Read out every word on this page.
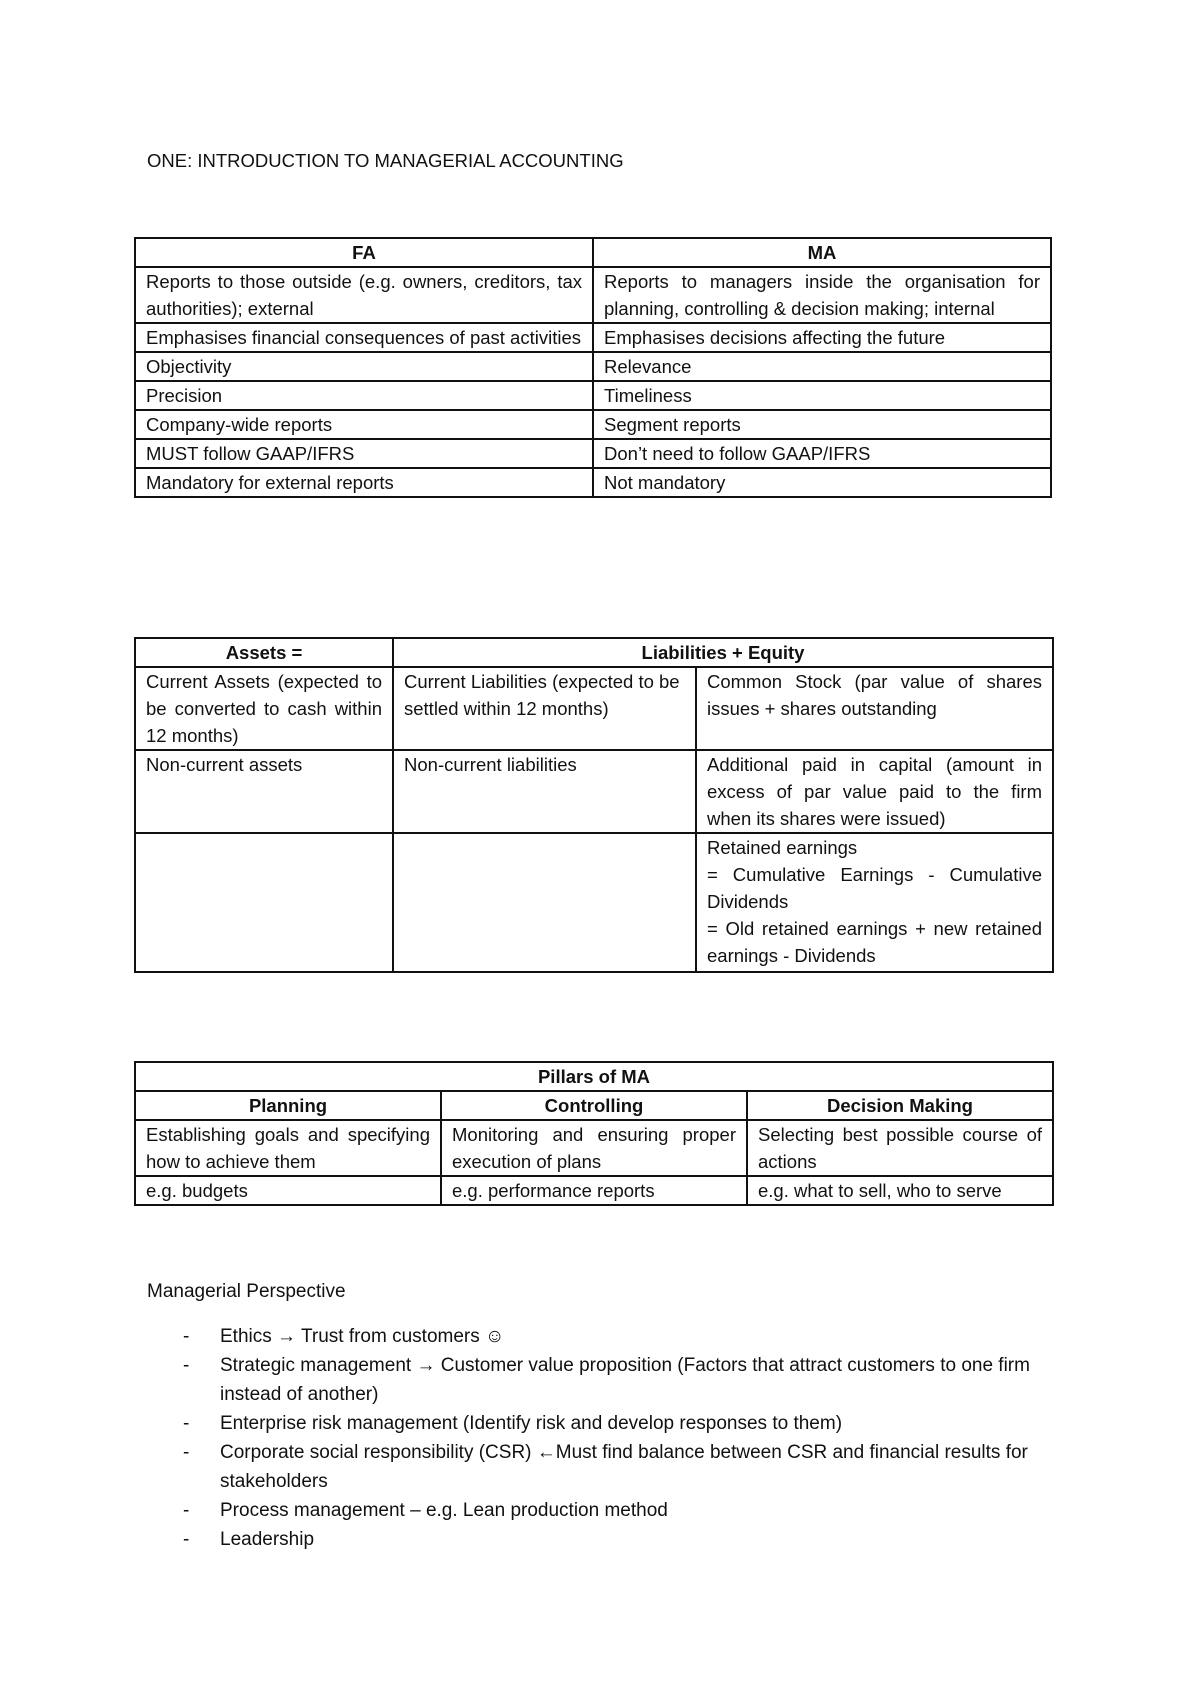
ONE: INTRODUCTION TO MANAGERIAL ACCOUNTING
FA	MA
Reports to those outside (e.g. owners, creditors, tax authorities); external	Reports to managers inside the organisation for planning, controlling & decision making; internal
Emphasises financial consequences of past activities	Emphasises decisions affecting the future
Objectivity	Relevance
Precision	Timeliness
Company-wide reports	Segment reports
MUST follow GAAP/IFRS	Don’t need to follow GAAP/IFRS
Mandatory for external reports	Not mandatory
Assets =	Liabilities + Equity	
Current Assets (expected to be converted to cash within 12 months)	Current Liabilities (expected to be settled within 12 months)	Common Stock (par value of shares issues + shares outstanding
Non-current assets	Non-current liabilities	Additional paid in capital (amount in excess of par value paid to the firm when its shares were issued)

		Retained earnings
= Cumulative Earnings - Cumulative Dividends
= Old retained earnings + new retained earnings - Dividends
Pillars of MA		
Planning	Controlling	Decision Making
Establishing goals and specifying how to achieve them	Monitoring and ensuring proper execution of plans	Selecting best possible course of actions
e.g. budgets	e.g. performance reports	e.g. what to sell, who to serve
Managerial Perspective
- Ethics → Trust from customers ☺
- Strategic management → Customer value proposition (Factors that attract customers to one firm instead of another)
- Enterprise risk management (Identify risk and develop responses to them)
- Corporate social responsibility (CSR) ←Must find balance between CSR and financial results for stakeholders
- Process management – e.g. Lean production method
- Leadership
